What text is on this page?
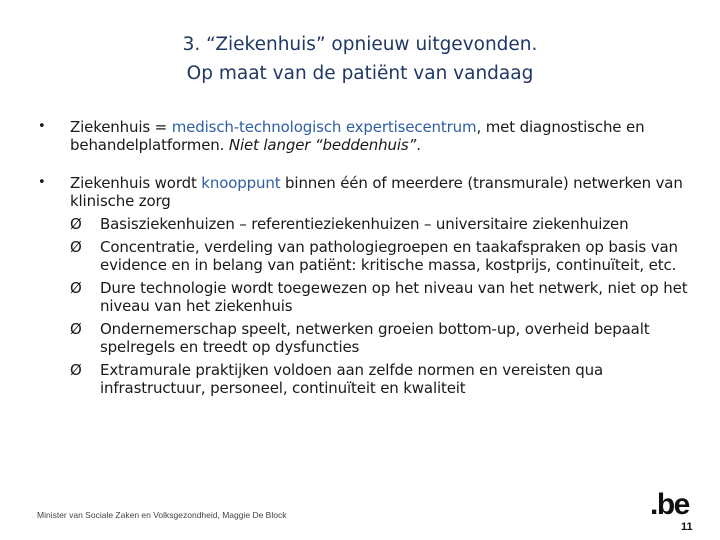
3. “Ziekenhuis” opnieuw uitgevonden.
Op maat van de patiënt van vandaag
• Ziekenhuis = medisch-technologisch expertisecentrum, met diagnostische en behandelplatformen. Niet langer “beddenhuis”.
• Ziekenhuis wordt knooppunt binnen één of meerdere (transmurale) netwerken van klinische zorg
Ø Basisziekenhuizen – referentieziekenhuizen – universitaire ziekenhuizen
Ø Concentratie, verdeling van pathologiegroepen en taakafspraken op basis van evidence en in belang van patiënt: kritische massa, kostprijs, continuïteit, etc.
Ø Dure technologie wordt toegewezen op het niveau van het netwerk, niet op het niveau van het ziekenhuis
Ø Ondernemerschap speelt, netwerken groeien bottom-up, overheid bepaalt spelregels en treedt op dysfuncties
Ø Extramurale praktijken voldoen aan zelfde normen en vereisten qua infrastructuur, personeel, continuïteit en kwaliteit
Minister van Sociale Zaken en Volksgezondheid, Maggie De Block	.be
11
